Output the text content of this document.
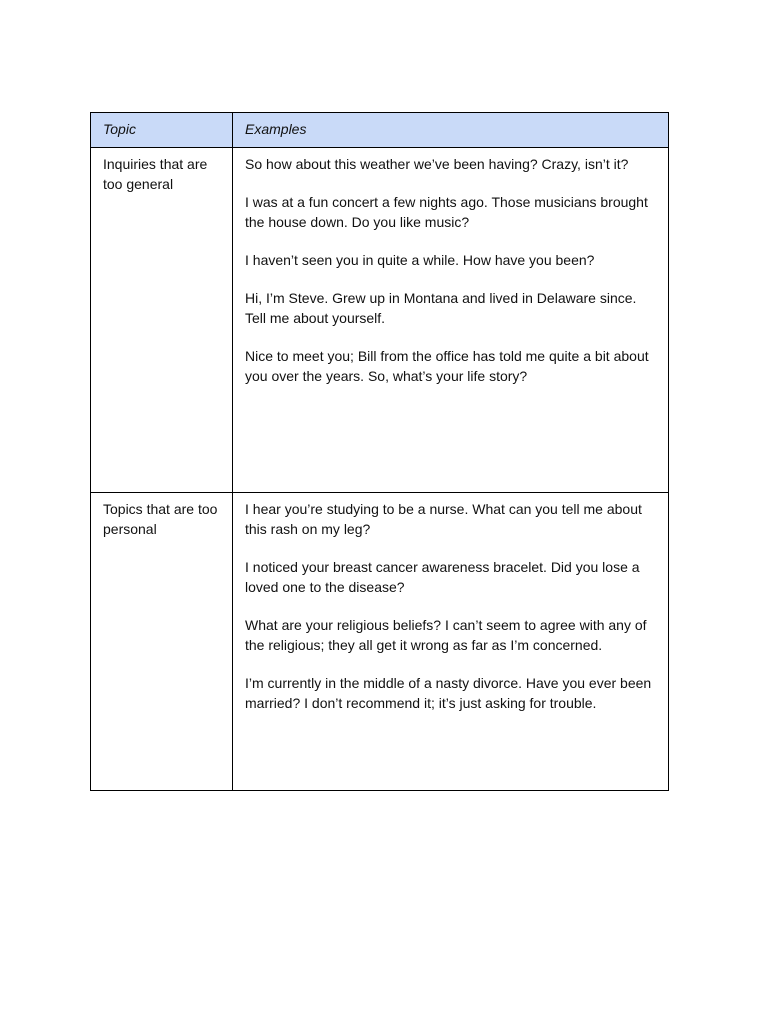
Topic	Examples
Inquiries that are too general	So how about this weather we’ve been having? Crazy, isn’t it?

I was at a fun concert a few nights ago. Those musicians brought the house down. Do you like music?

I haven’t seen you in quite a while. How have you been?

Hi, I’m Steve. Grew up in Montana and lived in Delaware since. Tell me about yourself.

Nice to meet you; Bill from the office has told me quite a bit about you over the years. So, what’s your life story?

Topics that are too personal	I hear you’re studying to be a nurse. What can you tell me about this rash on my leg?

I noticed your breast cancer awareness bracelet. Did you lose a loved one to the disease?

What are your religious beliefs? I can’t seem to agree with any of the religious; they all get it wrong as far as I’m concerned.

I’m currently in the middle of a nasty divorce. Have you ever been married? I don’t recommend it; it’s just asking for trouble.
